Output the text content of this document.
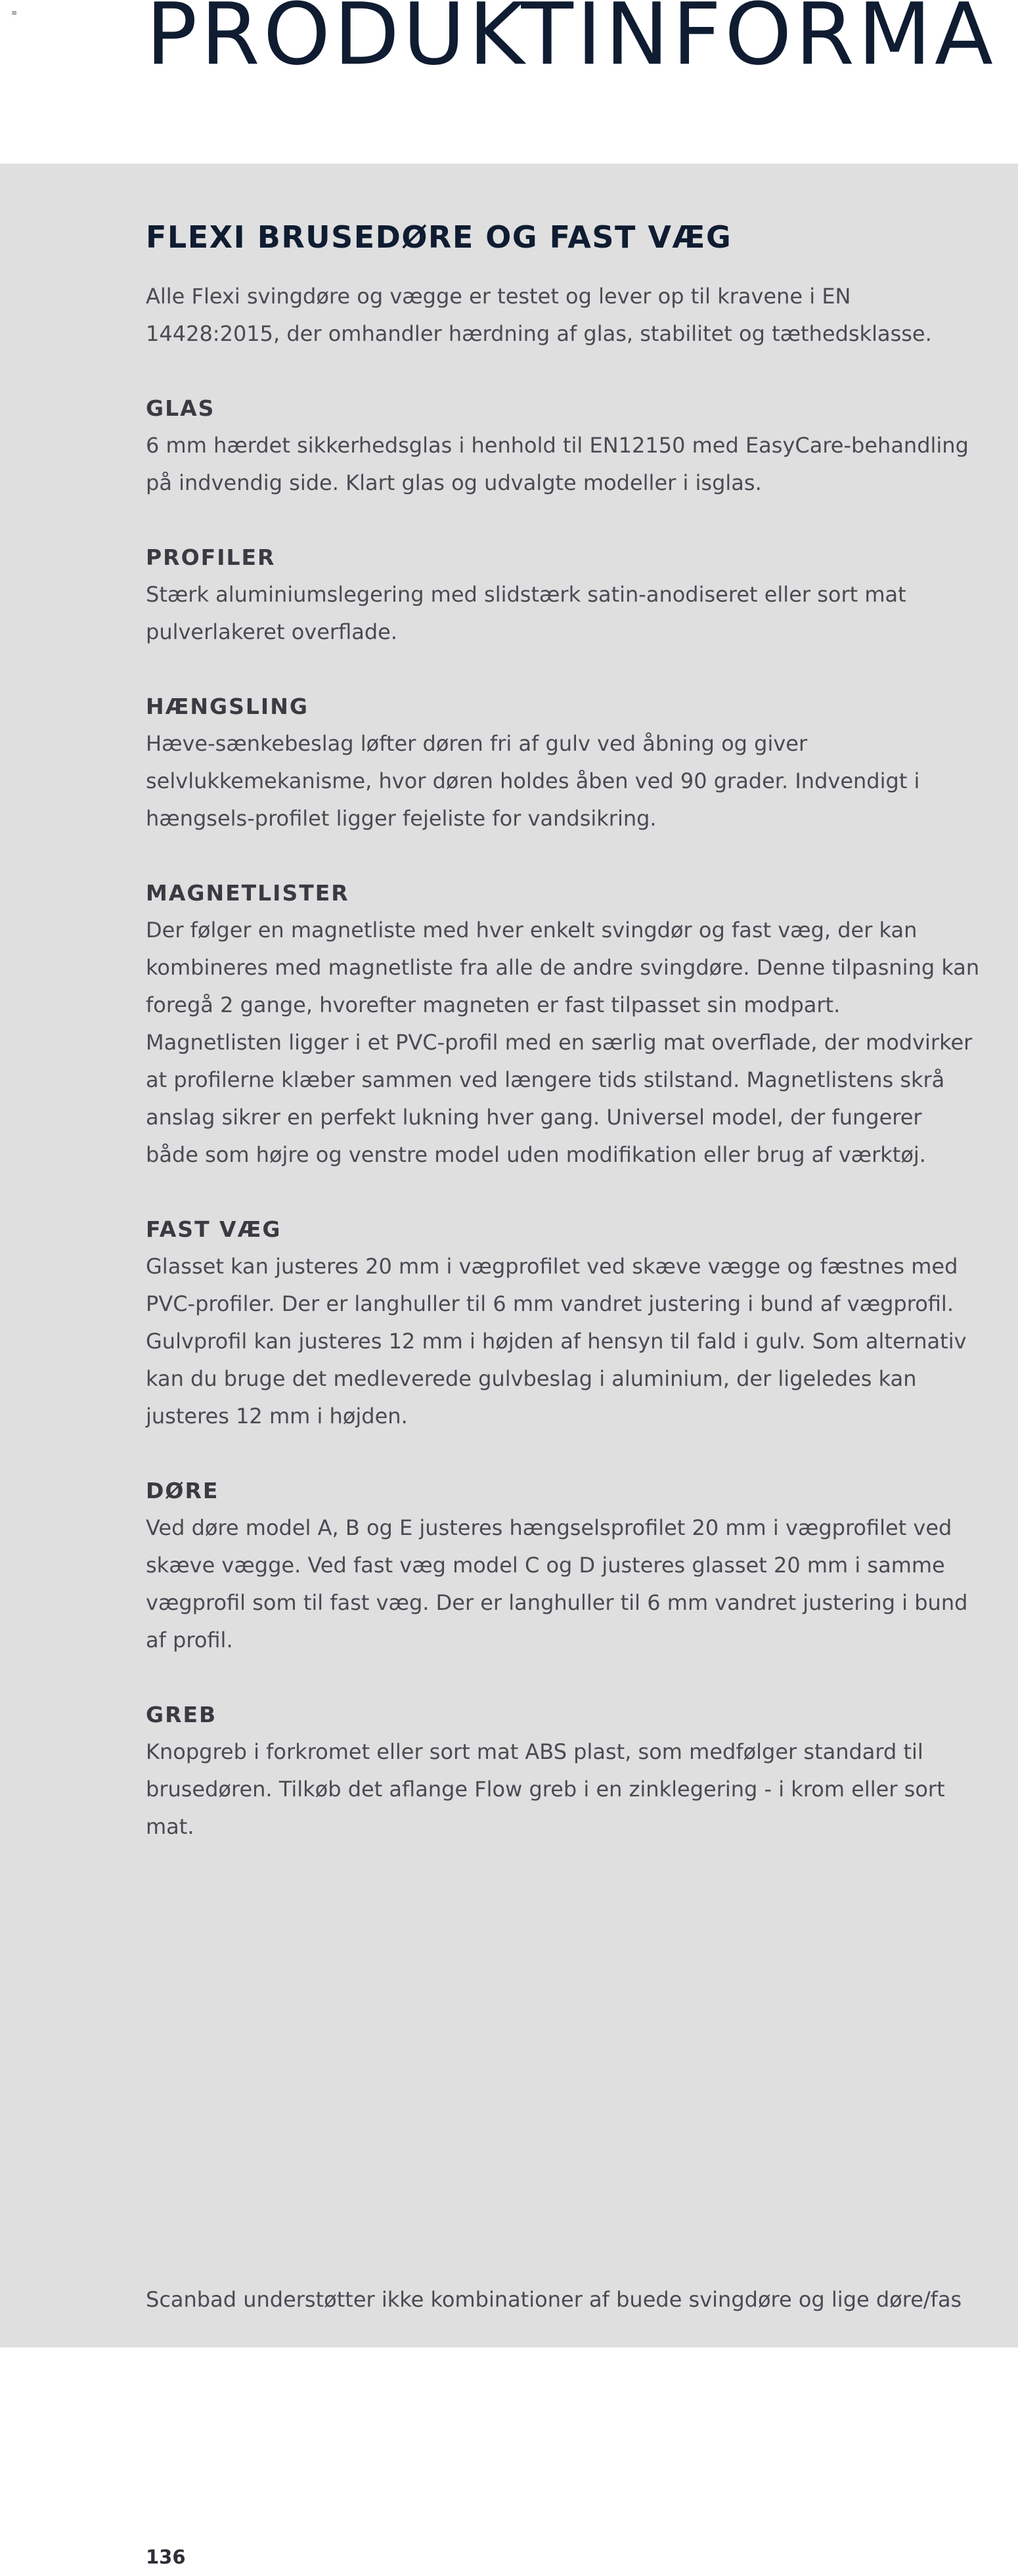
≡ PRODUKTINFORMA
FLEXI BRUSEDØRE OG FAST VÆG

Alle Flexi svingdøre og vægge er testet og lever op til kravene i EN 14428:2015, der omhandler hærdning af glas, stabilitet og tæthedsklasse.

GLAS

6 mm hærdet sikkerhedsglas i henhold til EN12150 med EasyCare-behandling på indvendig side. Klart glas og udvalgte modeller i isglas.

PROFILER

Stærk aluminiumslegering med slidstærk satin-anodiseret eller sort mat pulverlakeret overflade.

HÆNGSLING

Hæve-sænkebeslag løfter døren fri af gulv ved åbning og giver selvlukkemekanisme, hvor døren holdes åben ved 90 grader. Indvendigt i hængsels-profilet ligger fejeliste for vandsikring.

MAGNETLISTER

Der følger en magnetliste med hver enkelt svingdør og fast væg, der kan kombineres med magnetliste fra alle de andre svingdøre. Denne tilpasning kan foregå 2 gange, hvorefter magneten er fast tilpasset sin modpart. Magnetlisten ligger i et PVC-profil med en særlig mat overflade, der modvirker at profilerne klæber sammen ved længere tids stilstand. Magnetlistens skrå anslag sikrer en perfekt lukning hver gang. Universel model, der fungerer både som højre og venstre model uden modifikation eller brug af værktøj.

FAST VÆG

Glasset kan justeres 20 mm i vægprofilet ved skæve vægge og fæstnes med PVC-profiler. Der er langhuller til 6 mm vandret justering i bund af vægprofil. Gulvprofil kan justeres 12 mm i højden af hensyn til fald i gulv. Som alternativ kan du bruge det medleverede gulvbeslag i aluminium, der ligeledes kan justeres 12 mm i højden.

DØRE

Ved døre model A, B og E justeres hængselsprofilet 20 mm i vægprofilet ved skæve vægge. Ved fast væg model C og D justeres glasset 20 mm i samme vægprofil som til fast væg. Der er langhuller til 6 mm vandret justering i bund af profil.

GREB

Knopgreb i forkromet eller sort mat ABS plast, som medfølger standard til brusedøren. Tilkøb det aflange Flow greb i en zinklegering - i krom eller sort mat.

Scanbad understøtter ikke kombinationer af buede svingdøre og lige døre/fas

136
